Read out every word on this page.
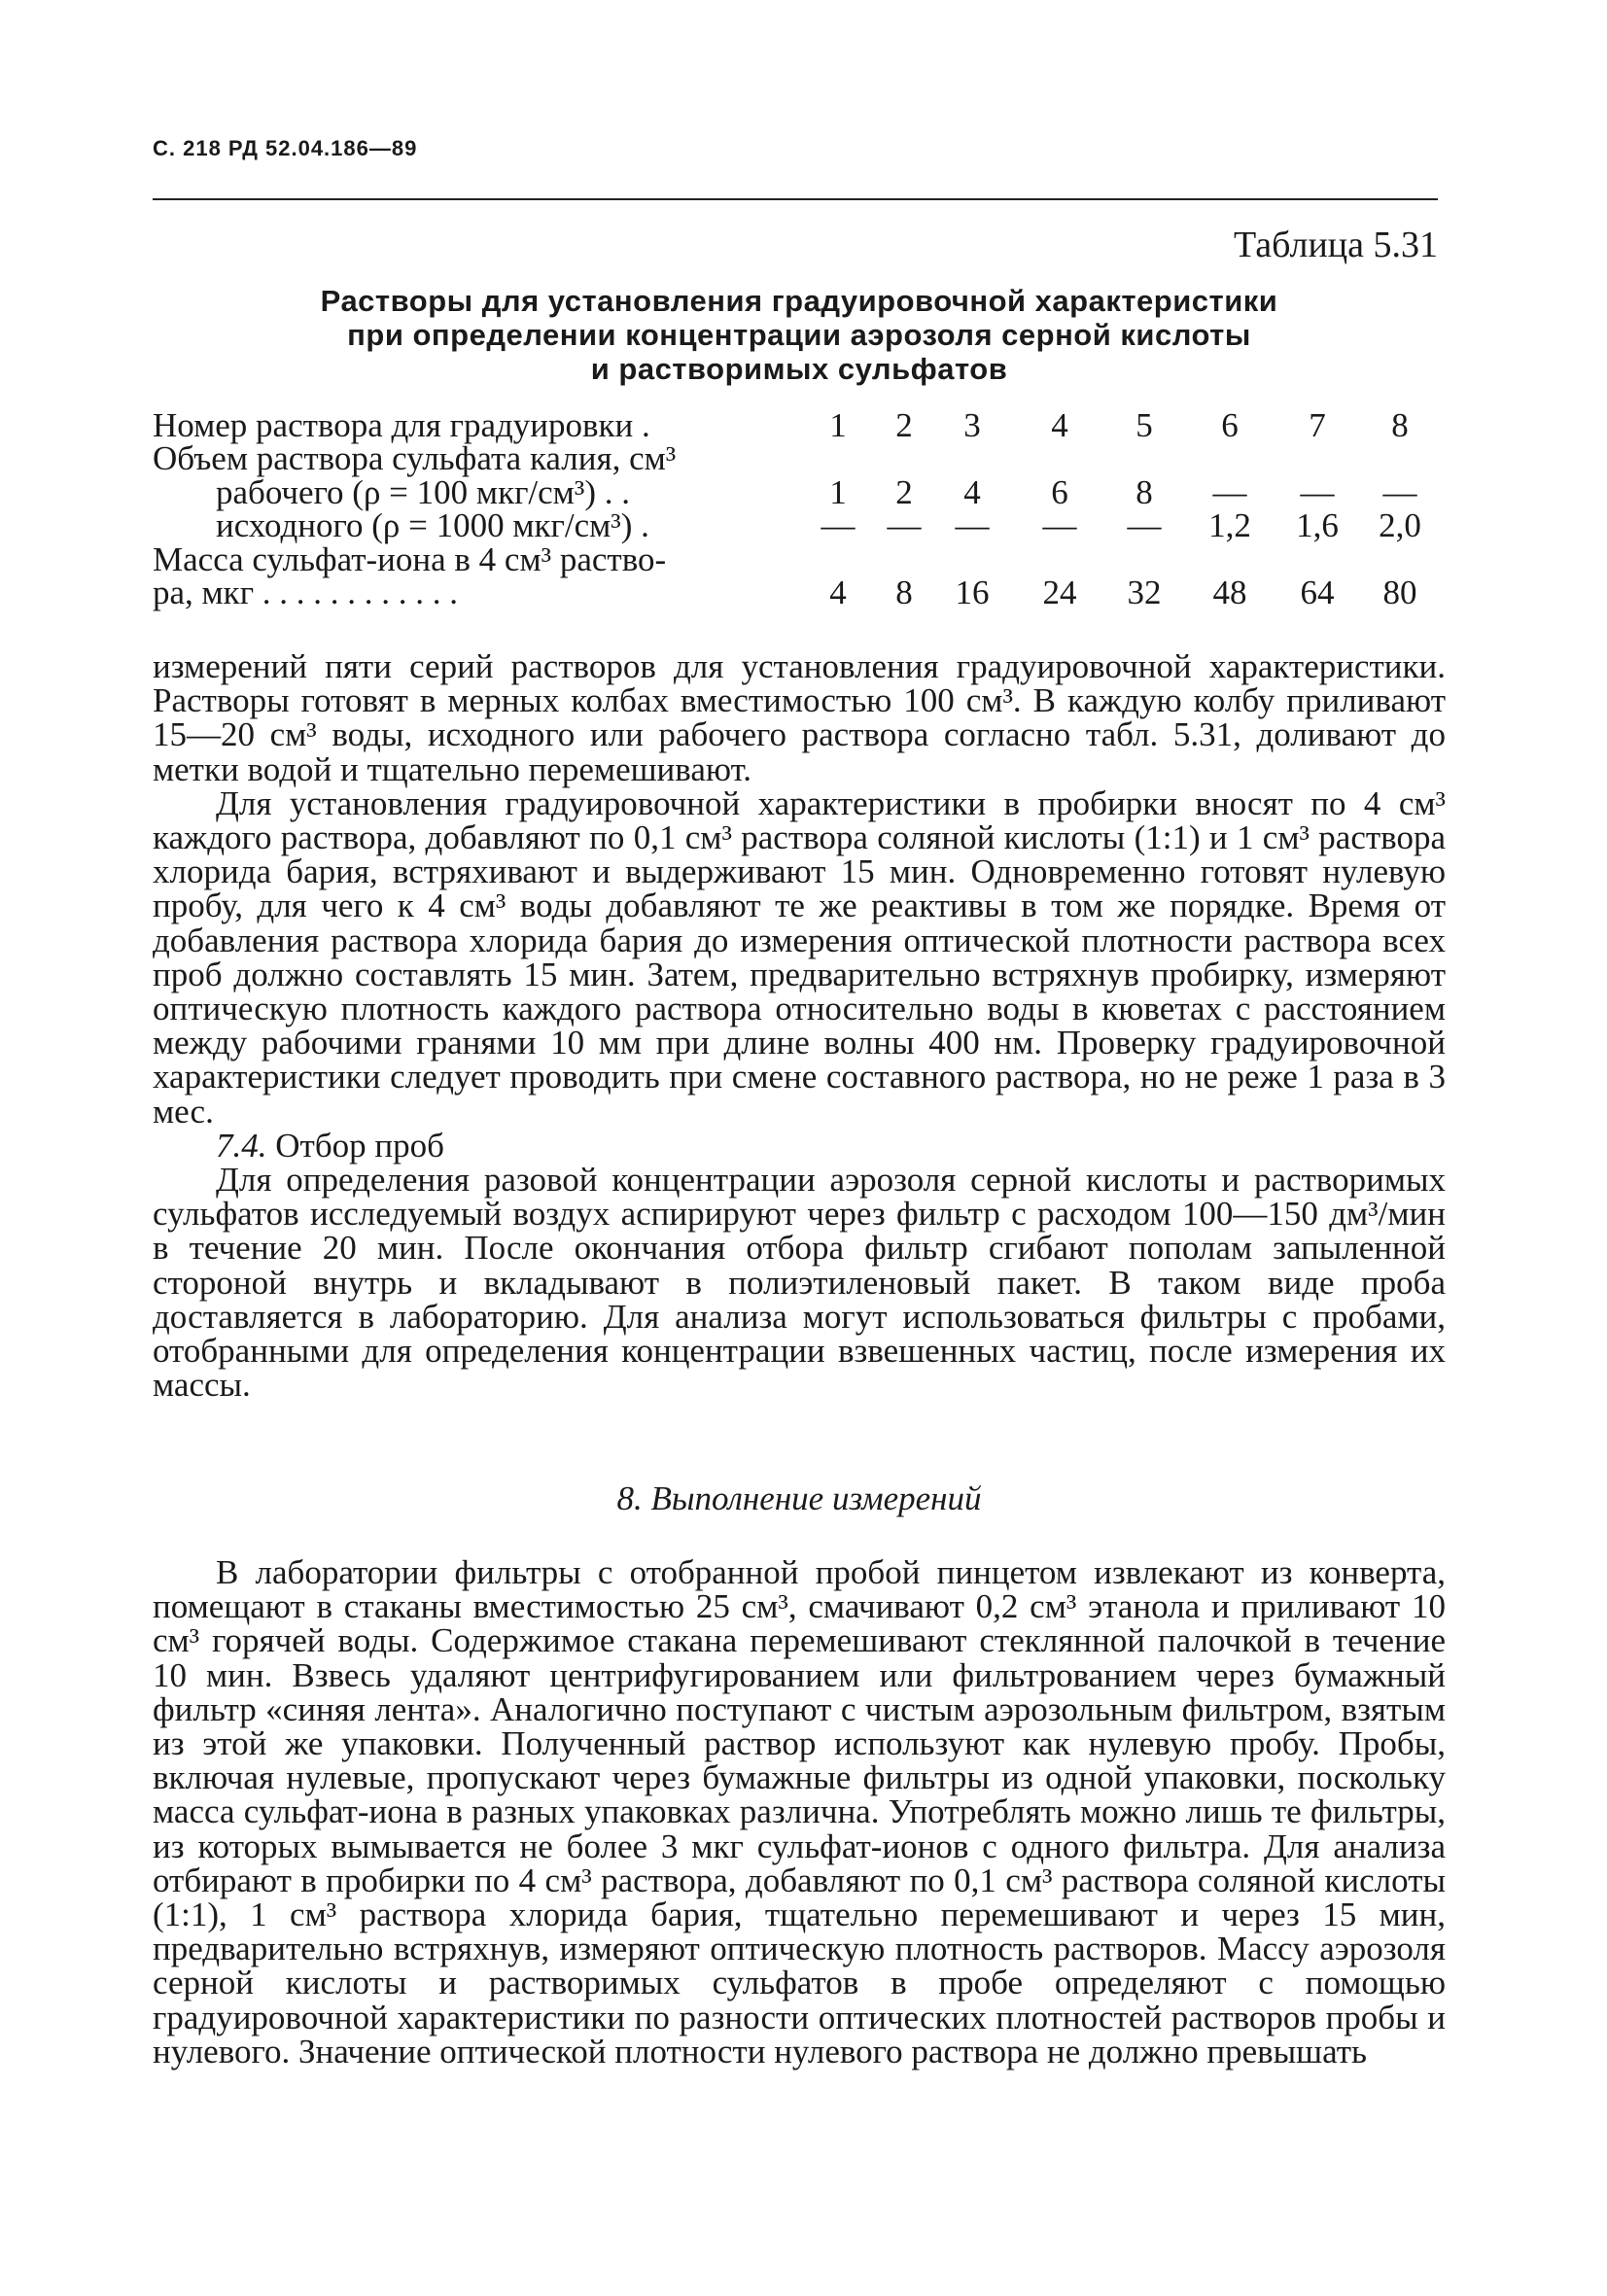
С. 218 РД 52.04.186—89
Таблица 5.31
Растворы для установления градуировочной характеристики
при определении концентрации аэрозоля серной кислоты
и растворимых сульфатов
Номер раствора для градуировки .
Объем раствора сульфата калия, см³
рабочего (ρ = 100 мкг/см³) . .
исходного (ρ = 1000 мкг/см³) .
Масса сульфат-иона в 4 см³ раство-
ра, мкг . . . . . . . . . . . .
1 2 3 4 5 6 7 8
1 2 4 6 8 — — —
— — — — — 1,2 1,6 2,0
4 8 16 24 32 48 64 80

измерений пяти серий растворов для установления градуировочной характеристики. Растворы готовят в мерных колбах вместимостью 100 см³. В каждую колбу приливают 15—20 см³ воды, исходного или рабочего раствора согласно табл. 5.31, доливают до метки водой и тщательно перемешивают.

Для установления градуировочной характеристики в пробирки вносят по 4 см³ каждого раствора, добавляют по 0,1 см³ раствора соляной кислоты (1:1) и 1 см³ раствора хлорида бария, встряхивают и выдерживают 15 мин. Одновременно готовят нулевую пробу, для чего к 4 см³ воды добавляют те же реактивы в том же порядке. Время от добавления раствора хлорида бария до измерения оптической плотности раствора всех проб должно составлять 15 мин. Затем, предварительно встряхнув пробирку, измеряют оптическую плотность каждого раствора относительно воды в кюветах с расстоянием между рабочими гранями 10 мм при длине волны 400 нм. Проверку градуировочной характеристики следует проводить при смене составного раствора, но не реже 1 раза в 3 мес.

7.4. Отбор проб

Для определения разовой концентрации аэрозоля серной кислоты и растворимых сульфатов исследуемый воздух аспирируют через фильтр с расходом 100—150 дм³/мин в течение 20 мин. После окончания отбора фильтр сгибают пополам запыленной стороной внутрь и вкладывают в полиэтиленовый пакет. В таком виде проба доставляется в лабораторию. Для анализа могут использоваться фильтры с пробами, отобранными для определения концентрации взвешенных частиц, после измерения их массы.

8. Выполнение измерений

В лаборатории фильтры с отобранной пробой пинцетом извлекают из конверта, помещают в стаканы вместимостью 25 см³, смачивают 0,2 см³ этанола и приливают 10 см³ горячей воды. Содержимое стакана перемешивают стеклянной палочкой в течение 10 мин. Взвесь удаляют центрифугированием или фильтрованием через бумажный фильтр «синяя лента». Аналогично поступают с чистым аэрозольным фильтром, взятым из этой же упаковки. Полученный раствор используют как нулевую пробу. Пробы, включая нулевые, пропускают через бумажные фильтры из одной упаковки, поскольку масса сульфат-иона в разных упаковках различна. Употреблять можно лишь те фильтры, из которых вымывается не более 3 мкг сульфат-ионов с одного фильтра. Для анализа отбирают в пробирки по 4 см³ раствора, добавляют по 0,1 см³ раствора соляной кислоты (1:1), 1 см³ раствора хлорида бария, тщательно перемешивают и через 15 мин, предварительно встряхнув, измеряют оптическую плотность растворов. Массу аэрозоля серной кислоты и растворимых сульфатов в пробе определяют с помощью градуировочной характеристики по разности оптических плотностей растворов пробы и нулевого. Значение оптической плотности нулевого раствора не должно превышать
